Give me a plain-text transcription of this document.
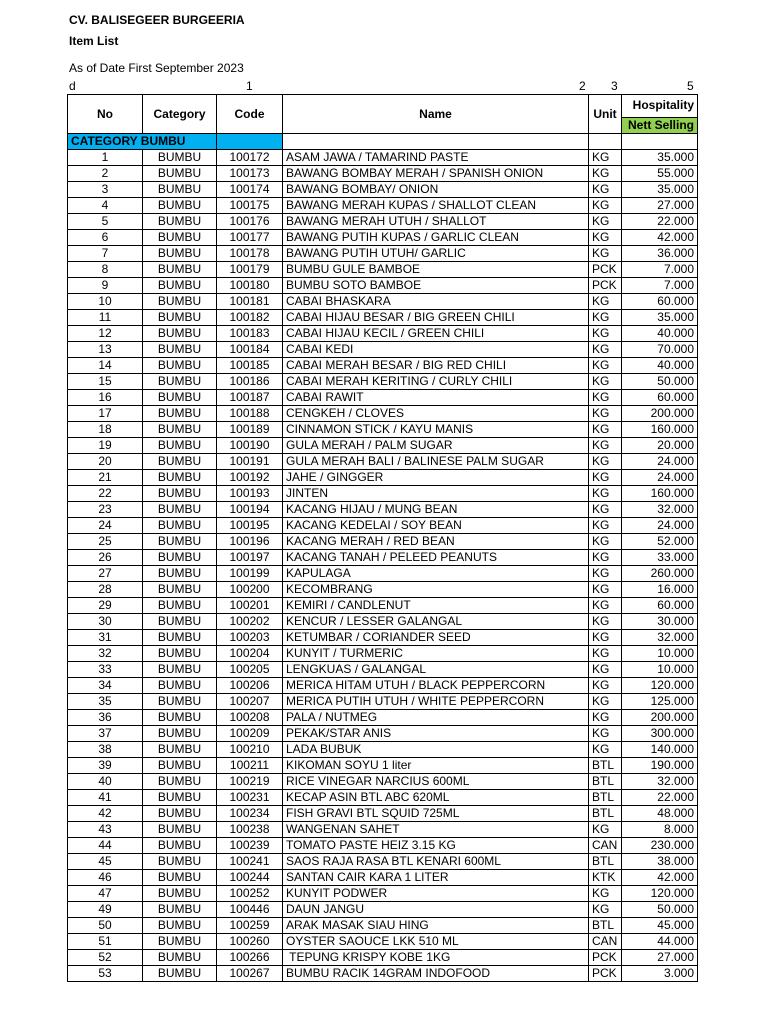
CV. BALISEGEER BURGEERIA
Item List
As of Date First September 2023
d	1	2 3	5
No	Category	Code	Name	Unit	Hospitality
					Nett Selling
CATEGORY BUMBU					
1	BUMBU	100172	ASAM JAWA / TAMARIND PASTE	KG	35.000
2	BUMBU	100173	BAWANG BOMBAY MERAH / SPANISH ONION	KG	55.000
3	BUMBU	100174	BAWANG BOMBAY/ ONION	KG	35.000
4	BUMBU	100175	BAWANG MERAH KUPAS / SHALLOT CLEAN	KG	27.000
5	BUMBU	100176	BAWANG MERAH UTUH / SHALLOT	KG	22.000
6	BUMBU	100177	BAWANG PUTIH KUPAS / GARLIC CLEAN	KG	42.000
7	BUMBU	100178	BAWANG PUTIH UTUH/ GARLIC	KG	36.000
8	BUMBU	100179	BUMBU GULE BAMBOE	PCK	7.000
9	BUMBU	100180	BUMBU SOTO BAMBOE	PCK	7.000
10	BUMBU	100181	CABAI BHASKARA	KG	60.000
11	BUMBU	100182	CABAI HIJAU BESAR / BIG GREEN CHILI	KG	35.000
12	BUMBU	100183	CABAI HIJAU KECIL / GREEN CHILI	KG	40.000
13	BUMBU	100184	CABAI KEDI	KG	70.000
14	BUMBU	100185	CABAI MERAH BESAR / BIG RED CHILI	KG	40.000
15	BUMBU	100186	CABAI MERAH KERITING / CURLY CHILI	KG	50.000
16	BUMBU	100187	CABAI RAWIT	KG	60.000
17	BUMBU	100188	CENGKEH / CLOVES	KG	200.000
18	BUMBU	100189	CINNAMON STICK / KAYU MANIS	KG	160.000
19	BUMBU	100190	GULA MERAH / PALM SUGAR	KG	20.000
20	BUMBU	100191	GULA MERAH BALI / BALINESE PALM SUGAR	KG	24.000
21	BUMBU	100192	JAHE / GINGGER	KG	24.000
22	BUMBU	100193	JINTEN	KG	160.000
23	BUMBU	100194	KACANG HIJAU / MUNG BEAN	KG	32.000
24	BUMBU	100195	KACANG KEDELAI / SOY BEAN	KG	24.000
25	BUMBU	100196	KACANG MERAH / RED BEAN	KG	52.000
26	BUMBU	100197	KACANG TANAH / PELEED PEANUTS	KG	33.000
27	BUMBU	100199	KAPULAGA	KG	260.000
28	BUMBU	100200	KECOMBRANG	KG	16.000
29	BUMBU	100201	KEMIRI / CANDLENUT	KG	60.000
30	BUMBU	100202	KENCUR / LESSER GALANGAL	KG	30.000
31	BUMBU	100203	KETUMBAR / CORIANDER SEED	KG	32.000
32	BUMBU	100204	KUNYIT / TURMERIC	KG	10.000
33	BUMBU	100205	LENGKUAS / GALANGAL	KG	10.000
34	BUMBU	100206	MERICA HITAM UTUH / BLACK PEPPERCORN	KG	120.000
35	BUMBU	100207	MERICA PUTIH UTUH / WHITE PEPPERCORN	KG	125.000
36	BUMBU	100208	PALA / NUTMEG	KG	200.000
37	BUMBU	100209	PEKAK/STAR ANIS	KG	300.000
38	BUMBU	100210	LADA BUBUK	KG	140.000
39	BUMBU	100211	KIKOMAN SOYU 1 liter	BTL	190.000
40	BUMBU	100219	RICE VINEGAR NARCIUS 600ML	BTL	32.000
41	BUMBU	100231	KECAP ASIN BTL ABC 620ML	BTL	22.000
42	BUMBU	100234	FISH GRAVI BTL SQUID 725ML	BTL	48.000
43	BUMBU	100238	WANGENAN SAHET	KG	8.000
44	BUMBU	100239	TOMATO PASTE HEIZ 3.15 KG	CAN	230.000
45	BUMBU	100241	SAOS RAJA RASA BTL KENARI 600ML	BTL	38.000
46	BUMBU	100244	SANTAN CAIR KARA 1 LITER	KTK	42.000
47	BUMBU	100252	KUNYIT PODWER	KG	120.000
49	BUMBU	100446	DAUN JANGU	KG	50.000
50	BUMBU	100259	ARAK MASAK SIAU HING	BTL	45.000
51	BUMBU	100260	OYSTER SAOUCE LKK 510 ML	CAN	44.000
52	BUMBU	100266	TEPUNG KRISPY KOBE 1KG	PCK	27.000
53	BUMBU	100267	BUMBU RACIK 14GRAM INDOFOOD	PCK	3.000
